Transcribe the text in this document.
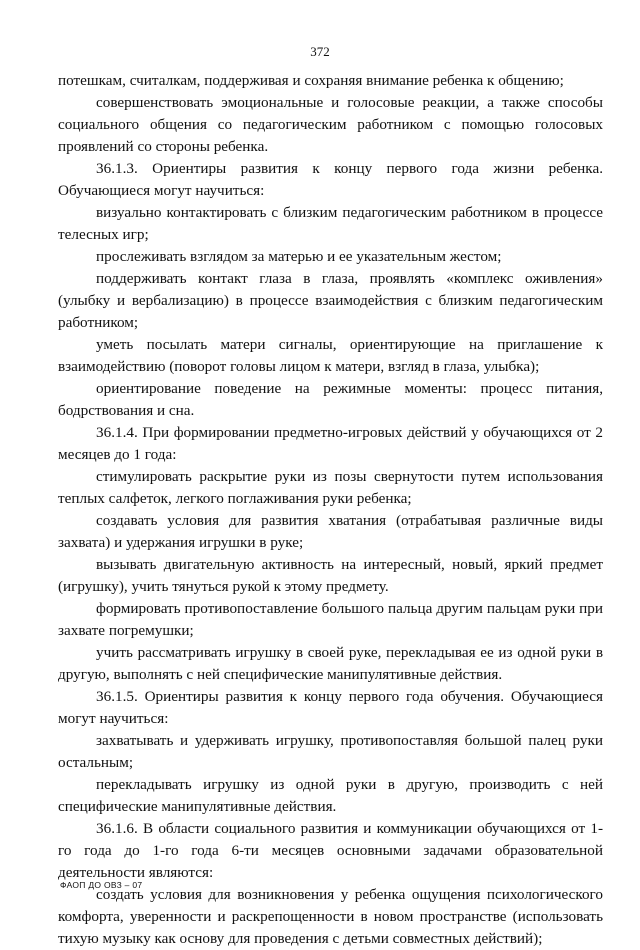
372

потешкам, считалкам, поддерживая и сохраняя внимание ребенка к общению;

совершенствовать эмоциональные и голосовые реакции, а также способы социального общения со педагогическим работником с помощью голосовых проявлений со стороны ребенка.

36.1.3. Ориентиры развития к концу первого года жизни ребенка. Обучающиеся могут научиться:

визуально контактировать с близким педагогическим работником в процессе телесных игр;

прослеживать взглядом за матерью и ее указательным жестом;

поддерживать контакт глаза в глаза, проявлять «комплекс оживления» (улыбку и вербализацию) в процессе взаимодействия с близким педагогическим работником;

уметь посылать матери сигналы, ориентирующие на приглашение к взаимодействию (поворот головы лицом к матери, взгляд в глаза, улыбка);

ориентирование поведение на режимные моменты: процесс питания, бодрствования и сна.

36.1.4. При формировании предметно-игровых действий у обучающихся от 2 месяцев до 1 года:

стимулировать раскрытие руки из позы свернутости путем использования теплых салфеток, легкого поглаживания руки ребенка;

создавать условия для развития хватания (отрабатывая различные виды захвата) и удержания игрушки в руке;

вызывать двигательную активность на интересный, новый, яркий предмет (игрушку), учить тянуться рукой к этому предмету.

формировать противопоставление большого пальца другим пальцам руки при захвате погремушки;

учить рассматривать игрушку в своей руке, перекладывая ее из одной руки в другую, выполнять с ней специфические манипулятивные действия.

36.1.5. Ориентиры развития к концу первого года обучения. Обучающиеся могут научиться:

захватывать и удерживать игрушку, противопоставляя большой палец руки остальным;

перекладывать игрушку из одной руки в другую, производить с ней специфические манипулятивные действия.

36.1.6. В области социального развития и коммуникации обучающихся от 1-го года до 1-го года 6-ти месяцев основными задачами образовательной деятельности являются:

создать условия для возникновения у ребенка ощущения психологического комфорта, уверенности и раскрепощенности в новом пространстве (использовать тихую музыку как основу для проведения с детьми совместных действий);

ФАОП ДО ОВЗ – 07
